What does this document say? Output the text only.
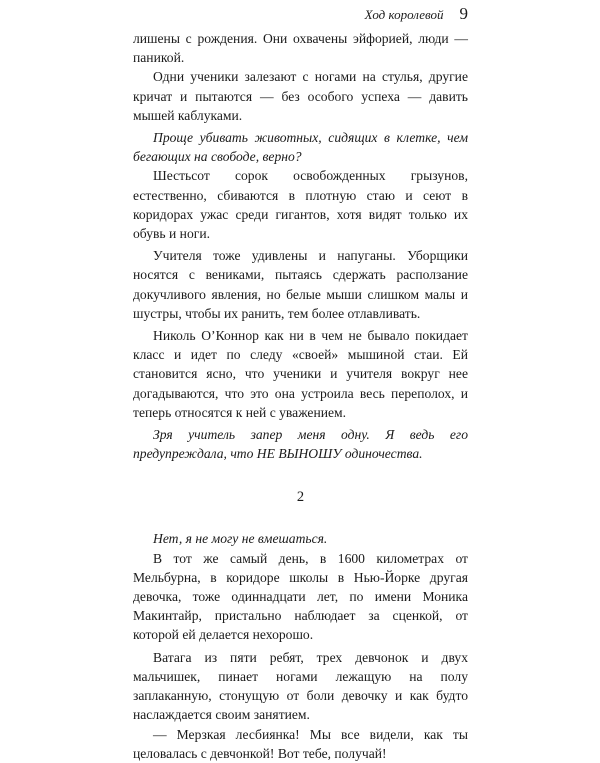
Ход королевой 9

лишены с рождения. Они охвачены эйфорией, люди — паникой.

Одни ученики залезают с ногами на стулья, другие кричат и пытаются — без особого успеха — давить мышей каблуками.

Проще убивать животных, сидящих в клетке, чем бегающих на свободе, верно?

Шестьсот сорок освобожденных грызунов, естественно, сбиваются в плотную стаю и сеют в коридорах ужас среди гигантов, хотя видят только их обувь и ноги.

Учителя тоже удивлены и напуганы. Уборщики носятся с вениками, пытаясь сдержать расползание докучливого явления, но белые мыши слишком малы и шустры, чтобы их ранить, тем более отлавливать.

Николь О’Коннор как ни в чем не бывало покидает класс и идет по следу «своей» мышиной стаи. Ей становится ясно, что ученики и учителя вокруг нее догадываются, что это она устроила весь переполох, и теперь относятся к ней с уважением.

Зря учитель запер меня одну. Я ведь его предупреждала, что НЕ ВЫНОШУ одиночества.

2

Нет, я не могу не вмешаться.

В тот же самый день, в 1600 километрах от Мельбурна, в коридоре школы в Нью-Йорке другая девочка, тоже одиннадцати лет, по имени Моника Макинтайр, пристально наблюдает за сценкой, от которой ей делается нехорошо.

Ватага из пяти ребят, трех девчонок и двух мальчишек, пинает ногами лежащую на полу заплаканную, стонущую от боли девочку и как будто наслаждается своим занятием.

— Мерзкая лесбиянка! Мы все видели, как ты целовалась с девчонкой! Вот тебе, получай!
